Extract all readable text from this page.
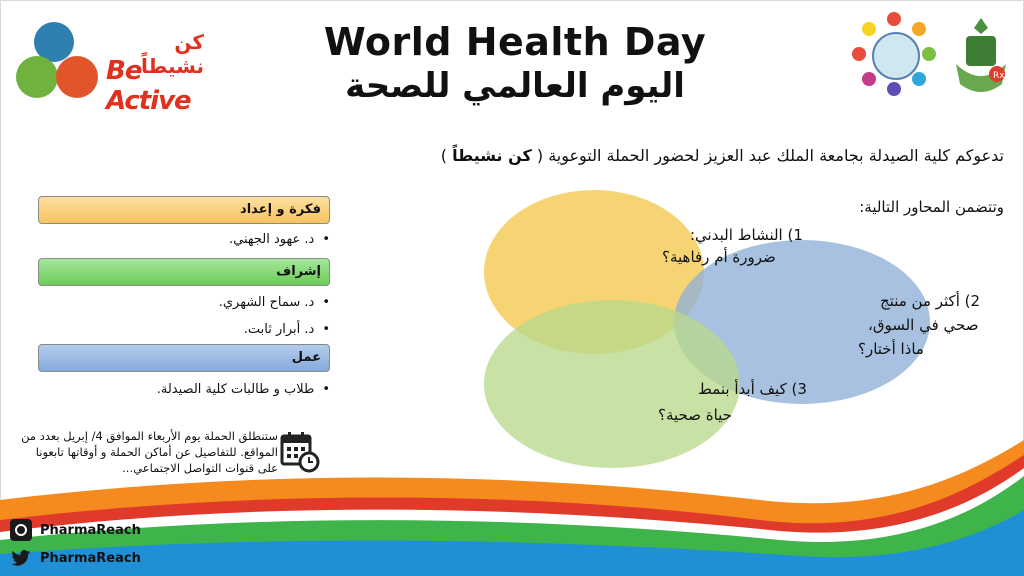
كن نشيطاً
Be Active
World Health Day
اليوم العالمي للصحة	Rx
تدعوكم كلية الصيدلة بجامعة الملك عبد العزيز لحضور الحملة التوعوية ( كن نشيطاً )
وتتضمن المحاور التالية:
فكرة و إعداد
• د. عهود الجهني.
إشراف
• د. سماح الشهري.
• د. أبرار ثابت.
عمل
• طلاب و طالبات كلية الصيدلة.
ستنطلق الحملة يوم الأربعاء الموافق 4/ إبريل بعدد من المواقع. للتفاصيل عن أماكن الحملة و أوقاتها تابعونا على قنوات التواصل الاجتماعي...
1) النشاط البدني:
ضرورة أم رفاهية؟
2) أكثر من منتج
صحي في السوق،
ماذا أختار؟
3) كيف أبدأ بنمط
حياة صحية؟
PharmaReach
PharmaReach
